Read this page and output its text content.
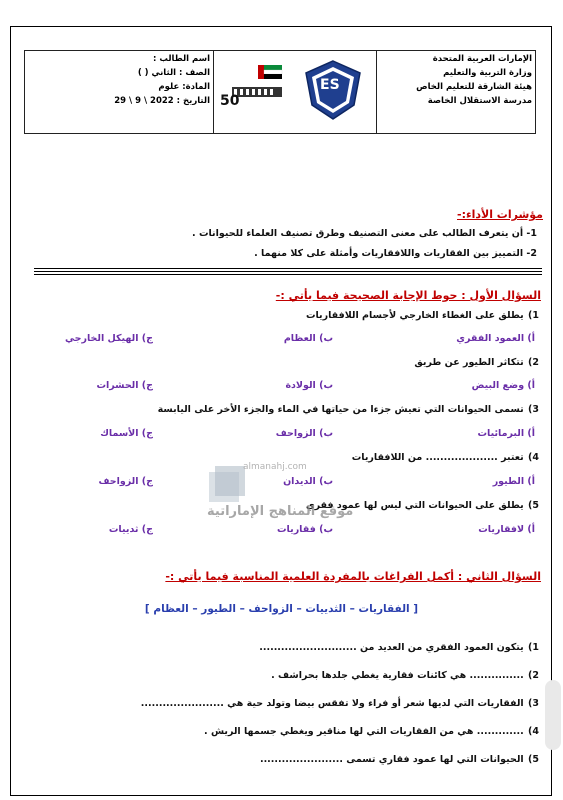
اسم الطالب :
الصف : الثاني ( )
المادة: علوم
التاريخ : 2022 \ 9 \ 29	50
ES

الإمارات العربية المتحدة
وزارة التربية والتعليم
هيئة الشارقة للتعليم الخاص
مدرسة الاستقلال الخاصة
مؤشرات الأداء:-
1- أن يتعرف الطالب على معنى التصنيف وطرق تصنيف العلماء للحيوانات .
2- التمييز بين الفقاريات واللافقاريات وأمثلة على كلا منهما .
السؤال الأول : حوط الإجابة الصحيحة فيما يأتي :-
1) يطلق على الغطاء الخارجي لأجسام اللافقاريات
أ) العمود الفقري
ب) العظام
ج) الهيكل الخارجي
2) تتكاثر الطيور عن طريق
أ) وضع البيض
ب) الولادة
ج) الحشرات
3) تسمى الحيوانات التي تعيش جزءا من حياتها في الماء والجزء الأخر على اليابسة
أ) البرمائيات
ب) الزواحف
ج) الأسماك
4) تعتبر .................... من اللافقاريات
أ) الطيور
ب) الديدان
ج) الزواحف
5) يطلق على الحيوانات التي ليس لها عمود فقري
أ) لافقاريات
ب) فقاريات
ج) ثدييات
almanahj.com
موقع المناهج الإماراتية
السؤال الثاني : أكمل الفراغات بالمفردة العلمية المناسبة فيما يأتي :-
[ الفقاريات – الثدييات – الزواحف – الطيور – العظام ]
1) يتكون العمود الفقري من العديد من ...........................
2) ............... هي كائنات فقارية يغطي جلدها بحراشف .
3) الفقاريات التي لديها شعر أو فراء ولا تفقس بيضا وتولد حية هي .......................
4) ............. هي من الفقاريات التي لها مناقير ويغطي جسمها الريش .
5) الحيوانات التي لها عمود فقاري تسمى .......................
